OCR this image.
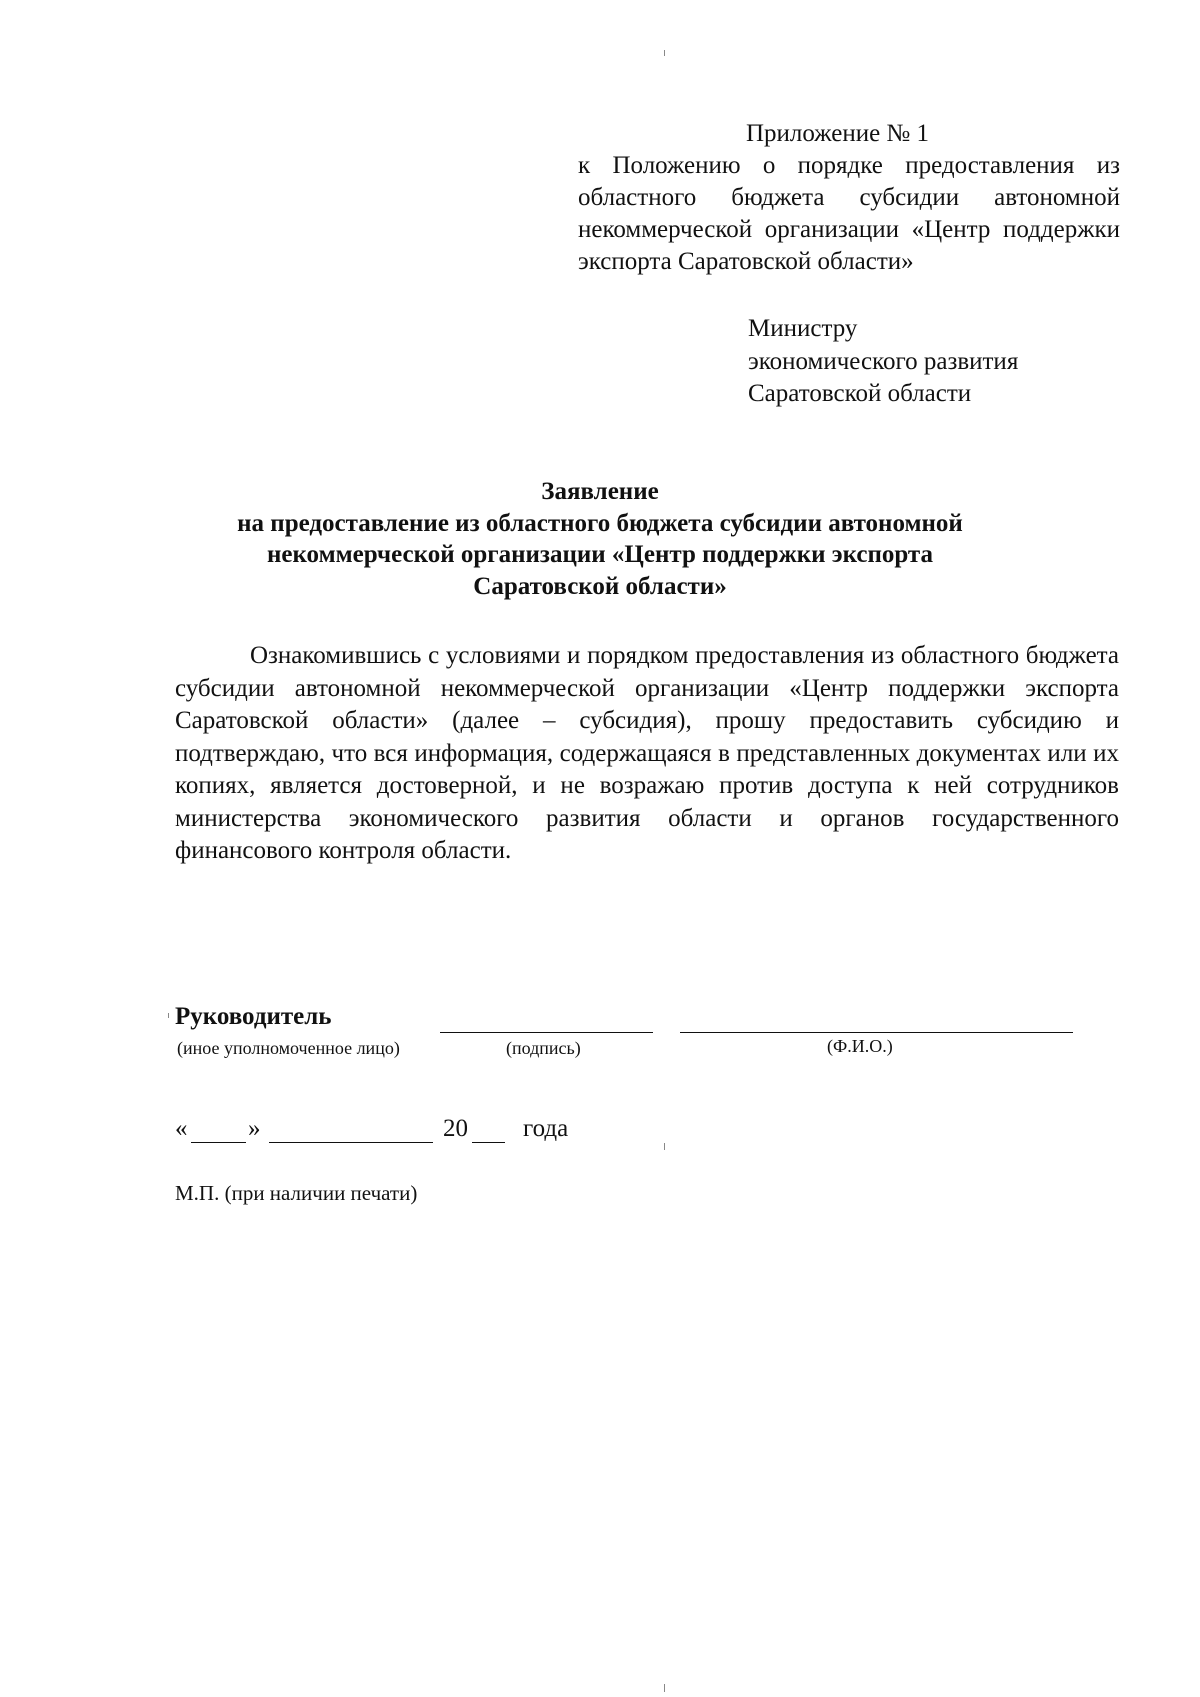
Приложение № 1
к Положению о порядке предоставления из областного бюджета субсидии автономной некоммерческой организации «Центр поддержки экспорта Саратовской области»
Министру
экономического развития
Саратовской области
Заявление
на предоставление из областного бюджета субсидии автономной
некоммерческой организации «Центр поддержки экспорта
Саратовской области»

Ознакомившись с условиями и порядком предоставления из областного бюджета субсидии автономной некоммерческой организации «Центр поддержки экспорта Саратовской области» (далее – субсидия), прошу предоставить субсидию и подтверждаю, что вся информация, содержащаяся в представленных документах или их копиях, является достоверной, и не возражаю против доступа к ней сотрудников министерства экономического развития области и органов государственного финансового контроля области.

Руководитель
(иное уполномоченное лицо)	(подпись)	(Ф.И.О.)
« »	20 года
М.П. (при наличии печати)
